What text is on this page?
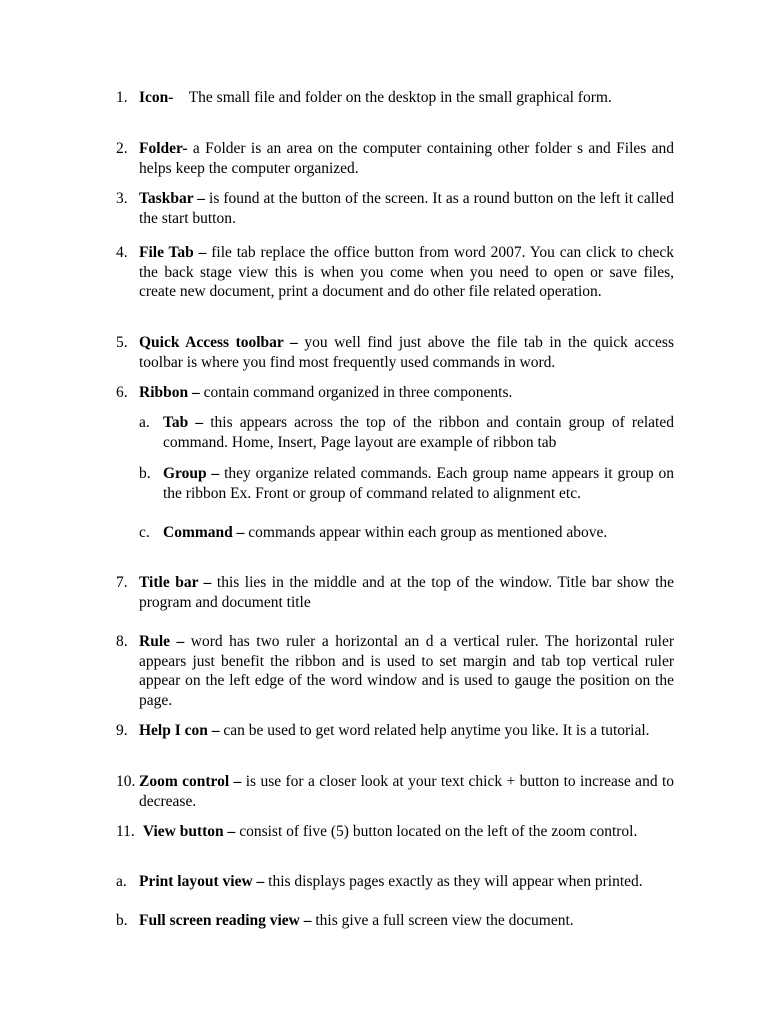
1. Icon- The small file and folder on the desktop in the small graphical form.
2. Folder- a Folder is an area on the computer containing other folder s and Files and helps keep the computer organized.
3. Taskbar – is found at the button of the screen. It as a round button on the left it called the start button.
4. File Tab – file tab replace the office button from word 2007. You can click to check the back stage view this is when you come when you need to open or save files, create new document, print a document and do other file related operation.
5. Quick Access toolbar – you well find just above the file tab in the quick access toolbar is where you find most frequently used commands in word.
6. Ribbon – contain command organized in three components.
a. Tab – this appears across the top of the ribbon and contain group of related command. Home, Insert, Page layout are example of ribbon tab
b. Group – they organize related commands. Each group name appears it group on the ribbon Ex. Front or group of command related to alignment etc.
c. Command – commands appear within each group as mentioned above.
7. Title bar – this lies in the middle and at the top of the window. Title bar show the program and document title
8. Rule – word has two ruler a horizontal an d a vertical ruler. The horizontal ruler appears just benefit the ribbon and is used to set margin and tab top vertical ruler appear on the left edge of the word window and is used to gauge the position on the page.
9. Help I con – can be used to get word related help anytime you like. It is a tutorial.
10. Zoom control – is use for a closer look at your text chick + button to increase and to decrease.
11. View button – consist of five (5) button located on the left of the zoom control.
a. Print layout view – this displays pages exactly as they will appear when printed.
b. Full screen reading view – this give a full screen view the document.
